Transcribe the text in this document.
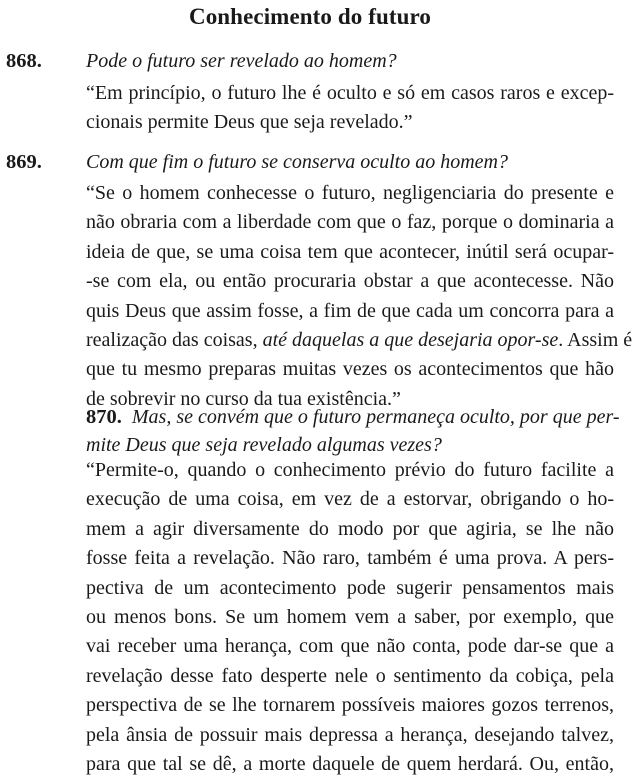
Conhecimento do futuro
868. Pode o futuro ser revelado ao homem?
“Em princípio, o futuro lhe é oculto e só em casos raros e excep-
cionais permite Deus que seja revelado.”
869. Com que fim o futuro se conserva oculto ao homem?
“Se o homem conhecesse o futuro, negligenciaria do presente e
não obraria com a liberdade com que o faz, porque o dominaria a
ideia de que, se uma coisa tem que acontecer, inútil será ocupar-
-se com ela, ou então procuraria obstar a que acontecesse. Não
quis Deus que assim fosse, a fim de que cada um concorra para a
realização das coisas, até daquelas a que desejaria opor-se. Assim é
que tu mesmo preparas muitas vezes os acontecimentos que hão
de sobrevir no curso da tua existência.”
870. Mas, se convém que o futuro permaneça oculto, por que per-
mite Deus que seja revelado algumas vezes?
“Permite-o, quando o conhecimento prévio do futuro facilite a
execução de uma coisa, em vez de a estorvar, obrigando o ho-
mem a agir diversamente do modo por que agiria, se lhe não
fosse feita a revelação. Não raro, também é uma prova. A pers-
pectiva de um acontecimento pode sugerir pensamentos mais
ou menos bons. Se um homem vem a saber, por exemplo, que
vai receber uma herança, com que não conta, pode dar-se que a
revelação desse fato desperte nele o sentimento da cobiça, pela
perspectiva de se lhe tornarem possíveis maiores gozos terrenos,
pela ânsia de possuir mais depressa a herança, desejando talvez,
para que tal se dê, a morte daquele de quem herdará. Ou, então,
